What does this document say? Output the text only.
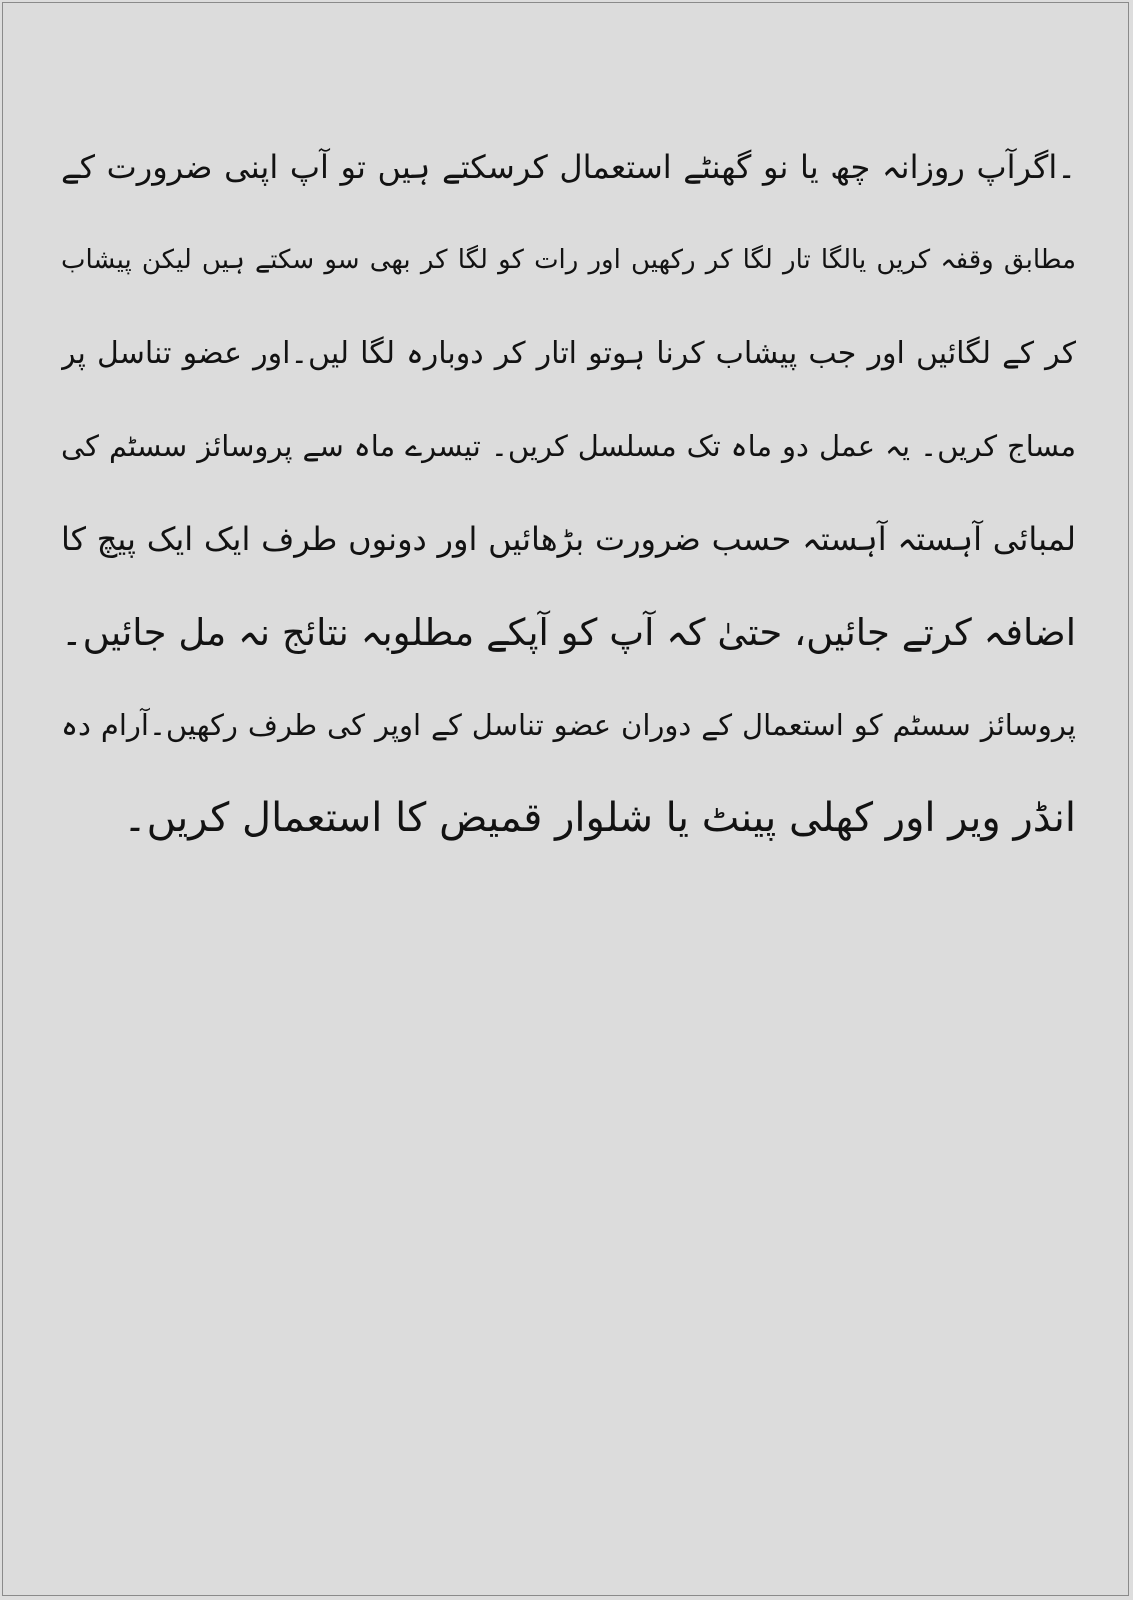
۔اگرآپ روزانہ چھ یا نو گھنٹے استعمال کرسکتے ہیں تو آپ اپنی ضرورت کے
مطابق وقفہ کریں یالگا تار لگا کر رکھیں اور رات کو لگا کر بھی سو سکتے ہیں لیکن پیشاب
کر کے لگائیں اور جب پیشاب کرنا ہوتو اتار کر دوبارہ لگا لیں۔اور عضو تناسل پر
مساج کریں۔ یہ عمل دو ماہ تک مسلسل کریں۔ تیسرے ماہ سے پروسائز سسٹم کی
لمبائی آہستہ آہستہ حسب ضرورت بڑھائیں اور دونوں طرف ایک ایک پیچ کا
اضافہ کرتے جائیں، حتیٰ کہ آپ کو آپکے مطلوبہ نتائج نہ مل جائیں۔
پروسائز سسٹم کو استعمال کے دوران عضو تناسل کے اوپر کی طرف رکھیں۔آرام دہ
انڈر ویر اور کھلی پینٹ یا شلوار قمیض کا استعمال کریں۔
